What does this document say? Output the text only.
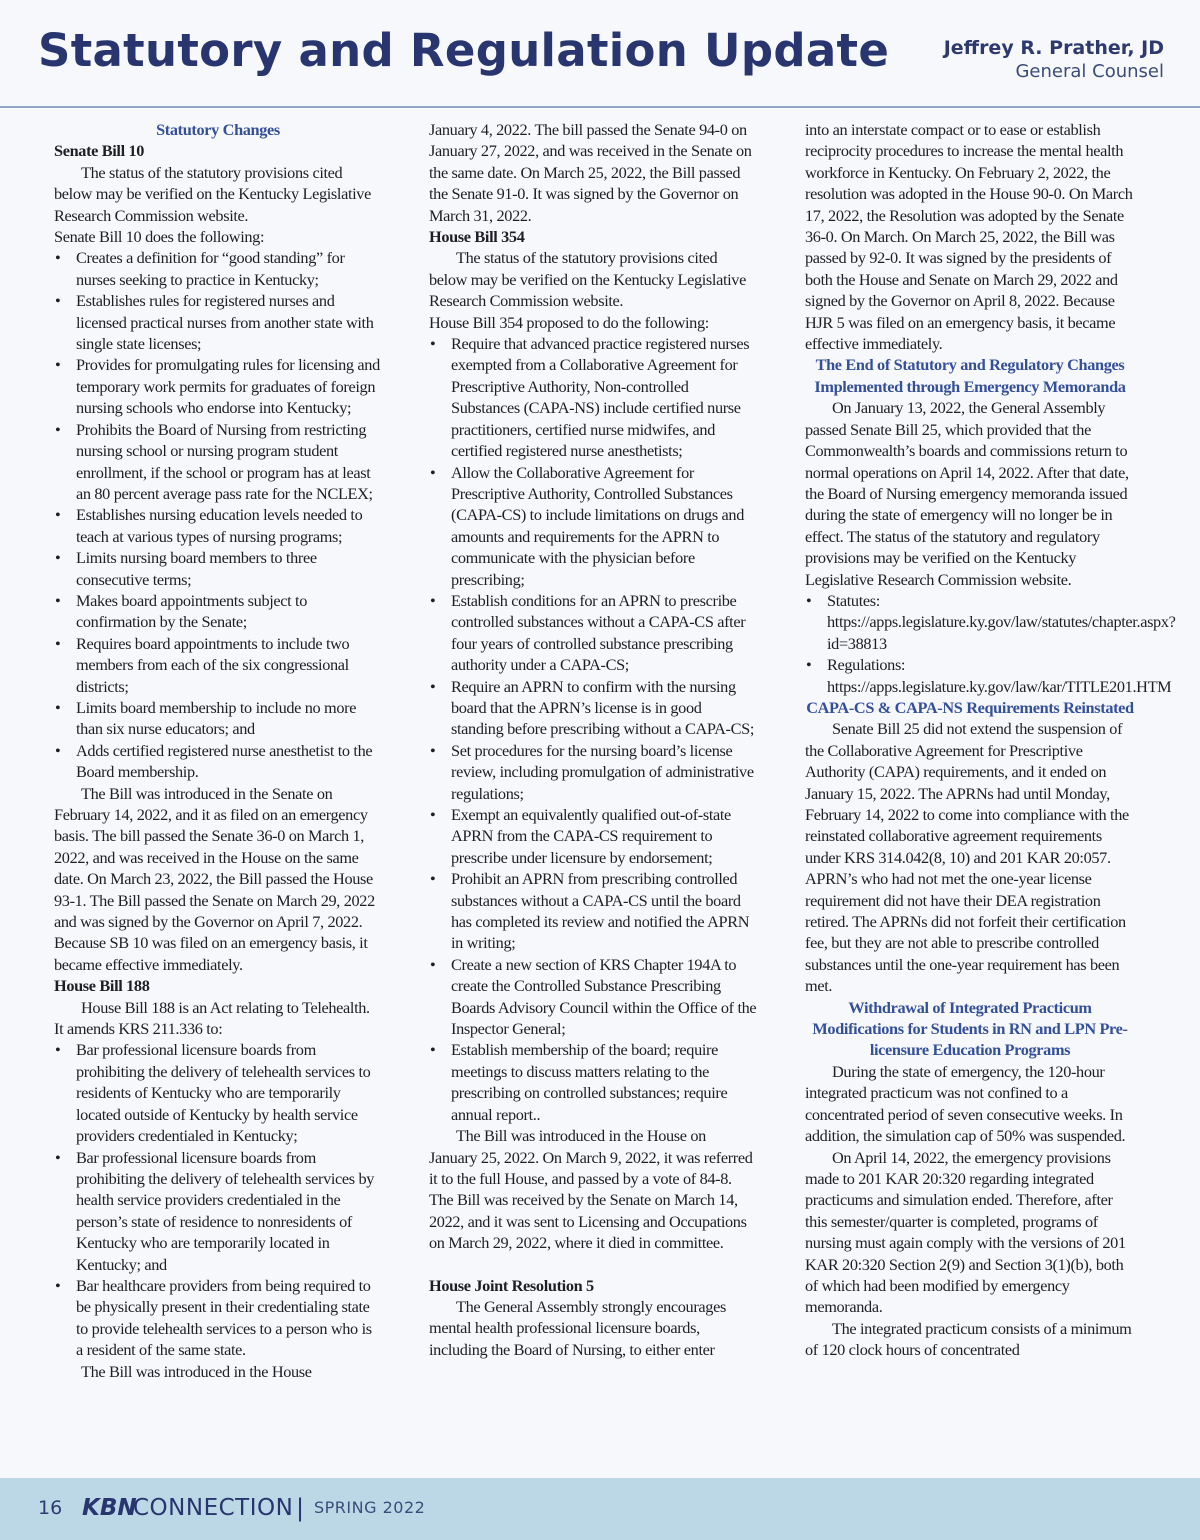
Statutory and Regulation Update	Jeffrey R. Prather, JD
General Counsel

Statutory Changes

Senate Bill 10

The status of the statutory provisions cited below may be verified on the Kentucky Legislative Research Commission website.

Senate Bill 10 does the following:

• Creates a definition for “good standing” for nurses seeking to practice in Kentucky;
• Establishes rules for registered nurses and licensed practical nurses from another state with single state licenses;
• Provides for promulgating rules for licensing and temporary work permits for graduates of foreign nursing schools who endorse into Kentucky;
• Prohibits the Board of Nursing from restricting nursing school or nursing program student enrollment, if the school or program has at least an 80 percent average pass rate for the NCLEX;
• Establishes nursing education levels needed to teach at various types of nursing programs;
• Limits nursing board members to three consecutive terms;
• Makes board appointments subject to confirmation by the Senate;
• Requires board appointments to include two members from each of the six congressional districts;
• Limits board membership to include no more than six nurse educators; and
• Adds certified registered nurse anesthetist to the Board membership.

The Bill was introduced in the Senate on February 14, 2022, and it as filed on an emergency basis. The bill passed the Senate 36-0 on March 1, 2022, and was received in the House on the same date. On March 23, 2022, the Bill passed the House 93-1. The Bill passed the Senate on March 29, 2022 and was signed by the Governor on April 7, 2022. Because SB 10 was filed on an emergency basis, it became effective immediately.

House Bill 188

House Bill 188 is an Act relating to Telehealth. It amends KRS 211.336 to:

• Bar professional licensure boards from prohibiting the delivery of telehealth services to residents of Kentucky who are temporarily located outside of Kentucky by health service providers credentialed in Kentucky;
• Bar professional licensure boards from prohibiting the delivery of telehealth services by health service providers credentialed in the person’s state of residence to nonresidents of Kentucky who are temporarily located in Kentucky; and
• Bar healthcare providers from being required to be physically present in their credentialing state to provide telehealth services to a person who is a resident of the same state.

The Bill was introduced in the House

January 4, 2022. The bill passed the Senate 94-0 on January 27, 2022, and was received in the Senate on the same date. On March 25, 2022, the Bill passed the Senate 91-0. It was signed by the Governor on March 31, 2022.

House Bill 354

The status of the statutory provisions cited below may be verified on the Kentucky Legislative Research Commission website.

House Bill 354 proposed to do the following:

• Require that advanced practice registered nurses exempted from a Collaborative Agreement for Prescriptive Authority, Non-controlled Substances (CAPA-NS) include certified nurse practitioners, certified nurse midwifes, and certified registered nurse anesthetists;
• Allow the Collaborative Agreement for Prescriptive Authority, Controlled Substances (CAPA-CS) to include limitations on drugs and amounts and requirements for the APRN to communicate with the physician before prescribing;
• Establish conditions for an APRN to prescribe controlled substances without a CAPA-CS after four years of controlled substance prescribing authority under a CAPA-CS;
• Require an APRN to confirm with the nursing board that the APRN’s license is in good standing before prescribing without a CAPA-CS;
• Set procedures for the nursing board’s license review, including promulgation of administrative regulations;
• Exempt an equivalently qualified out-of-state APRN from the CAPA-CS requirement to prescribe under licensure by endorsement;
• Prohibit an APRN from prescribing controlled substances without a CAPA-CS until the board has completed its review and notified the APRN in writing;
• Create a new section of KRS Chapter 194A to create the Controlled Substance Prescribing Boards Advisory Council within the Office of the Inspector General;
• Establish membership of the board; require meetings to discuss matters relating to the prescribing on controlled substances; require annual report..

The Bill was introduced in the House on January 25, 2022. On March 9, 2022, it was referred it to the full House, and passed by a vote of 84-8. The Bill was received by the Senate on March 14, 2022, and it was sent to Licensing and Occupations on March 29, 2022, where it died in committee.

House Joint Resolution 5

The General Assembly strongly encourages mental health professional licensure boards, including the Board of Nursing, to either enter

into an interstate compact or to ease or establish reciprocity procedures to increase the mental health workforce in Kentucky. On February 2, 2022, the resolution was adopted in the House 90-0. On March 17, 2022, the Resolution was adopted by the Senate 36-0. On March. On March 25, 2022, the Bill was passed by 92-0. It was signed by the presidents of both the House and Senate on March 29, 2022 and signed by the Governor on April 8, 2022. Because HJR 5 was filed on an emergency basis, it became effective immediately.

The End of Statutory and Regulatory Changes Implemented through Emergency Memoranda

On January 13, 2022, the General Assembly passed Senate Bill 25, which provided that the Commonwealth’s boards and commissions return to normal operations on April 14, 2022. After that date, the Board of Nursing emergency memoranda issued during the state of emergency will no longer be in effect. The status of the statutory and regulatory provisions may be verified on the Kentucky Legislative Research Commission website.

• Statutes: https://apps.legislature.ky.gov/law/statutes/chapter.aspx?id=38813
• Regulations: https://apps.legislature.ky.gov/law/kar/TITLE201.HTM

CAPA-CS & CAPA-NS Requirements Reinstated

Senate Bill 25 did not extend the suspension of the Collaborative Agreement for Prescriptive Authority (CAPA) requirements, and it ended on January 15, 2022. The APRNs had until Monday, February 14, 2022 to come into compliance with the reinstated collaborative agreement requirements under KRS 314.042(8, 10) and 201 KAR 20:057. APRN’s who had not met the one-year license requirement did not have their DEA registration retired. The APRNs did not forfeit their certification fee, but they are not able to prescribe controlled substances until the one-year requirement has been met.

Withdrawal of Integrated Practicum Modifications for Students in RN and LPN Pre-licensure Education Programs

During the state of emergency, the 120-hour integrated practicum was not confined to a concentrated period of seven consecutive weeks. In addition, the simulation cap of 50% was suspended.

On April 14, 2022, the emergency provisions made to 201 KAR 20:320 regarding integrated practicums and simulation ended. Therefore, after this semester/quarter is completed, programs of nursing must again comply with the versions of 201 KAR 20:320 Section 2(9) and Section 3(1)(b), both of which had been modified by emergency memoranda.

The integrated practicum consists of a minimum of 120 clock hours of concentrated

16 KBN
CONNECTION | SPRING 2022
